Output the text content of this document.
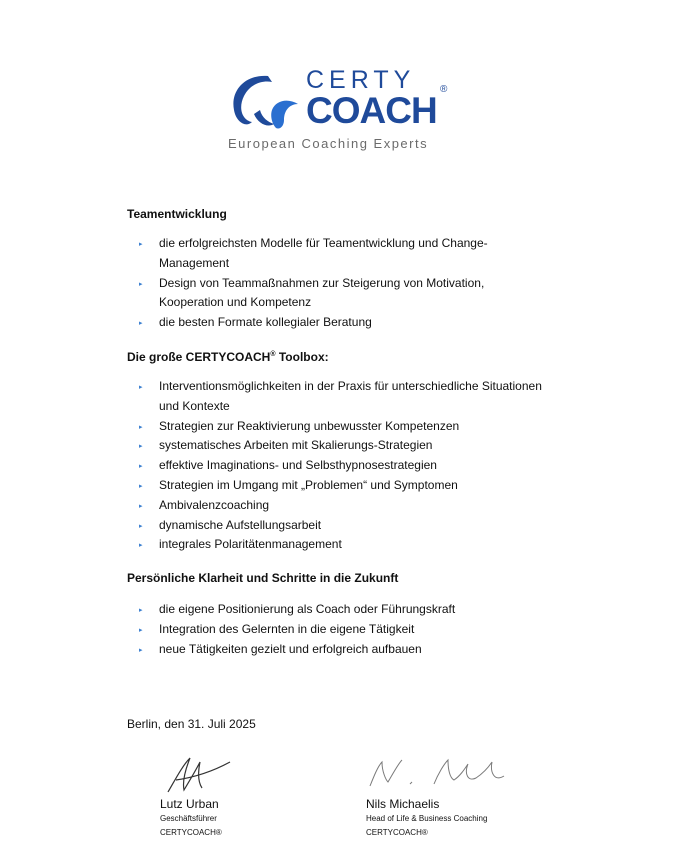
CERTY
COACH
®
European Coaching Experts
Teamentwicklung
▸ die erfolgreichsten Modelle für Teamentwicklung und Change-Management
▸ Design von Teammaßnahmen zur Steigerung von Motivation, Kooperation und Kompetenz
▸ die besten Formate kollegialer Beratung
Die große CERTYCOACH® Toolbox:
▸ Interventionsmöglichkeiten in der Praxis für unterschiedliche Situationen und Kontexte
▸ Strategien zur Reaktivierung unbewusster Kompetenzen
▸ systematisches Arbeiten mit Skalierungs-Strategien
▸ effektive Imaginations- und Selbsthypnosestrategien
▸ Strategien im Umgang mit „Problemen“ und Symptomen
▸ Ambivalenzcoaching
▸ dynamische Aufstellungsarbeit
▸ integrales Polaritätenmanagement
Persönliche Klarheit und Schritte in die Zukunft
▸ die eigene Positionierung als Coach oder Führungskraft
▸ Integration des Gelernten in die eigene Tätigkeit
▸ neue Tätigkeiten gezielt und erfolgreich aufbauen
Berlin, den 31. Juli 2025
Lutz Urban
Geschäftsführer
CERTYCOACH®
Nils Michaelis
Head of Life & Business Coaching
CERTYCOACH®
